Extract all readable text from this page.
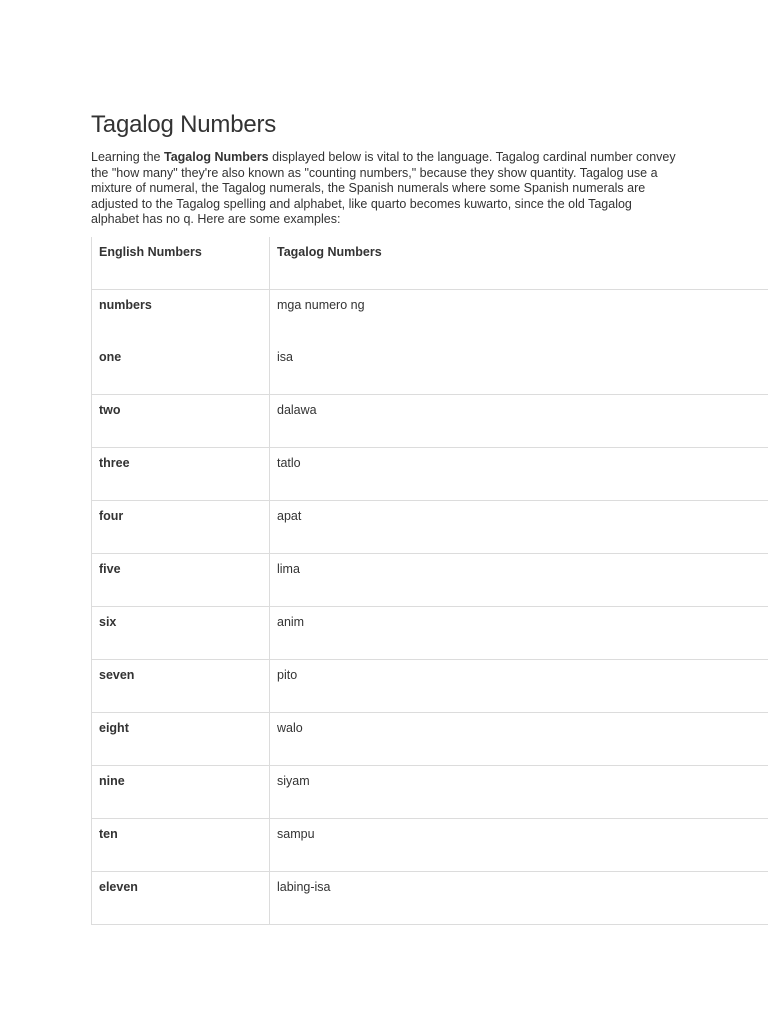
Tagalog Numbers

Learning the Tagalog Numbers displayed below is vital to the language. Tagalog cardinal number convey the "how many" they're also known as "counting numbers," because they show quantity. Tagalog use a mixture of numeral, the Tagalog numerals, the Spanish numerals where some Spanish numerals are adjusted to the Tagalog spelling and alphabet, like quarto becomes kuwarto, since the old Tagalog alphabet has no q. Here are some examples:

English Numbers	Tagalog Numbers
numbers	mga numero ng
one	isa
two	dalawa
three	tatlo
four	apat
five	lima
six	anim
seven	pito
eight	walo
nine	siyam
ten	sampu
eleven	labing-isa
